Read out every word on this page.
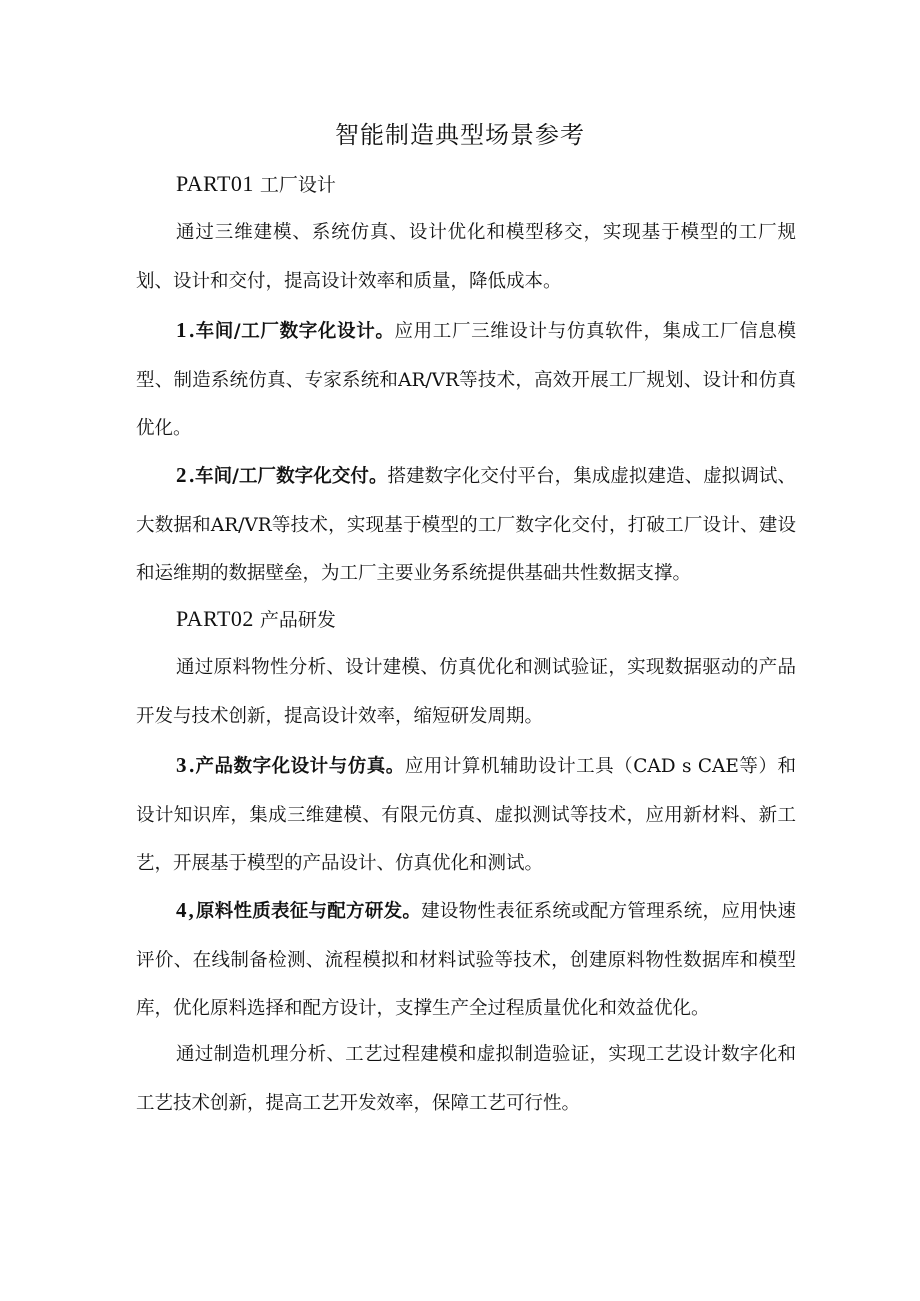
智能制造典型场景参考
PART01 工厂设计

通过三维建模、系统仿真、设计优化和模型移交，实现基于模型的工厂规划、设计和交付，提高设计效率和质量，降低成本。

1.车间/工厂数字化设计。应用工厂三维设计与仿真软件，集成工厂信息模型、制造系统仿真、专家系统和AR/VR等技术，高效开展工厂规划、设计和仿真优化。

2.车间/工厂数字化交付。搭建数字化交付平台，集成虚拟建造、虚拟调试、大数据和AR/VR等技术，实现基于模型的工厂数字化交付，打破工厂设计、建设和运维期的数据壁垒，为工厂主要业务系统提供基础共性数据支撑。

PART02 产品研发

通过原料物性分析、设计建模、仿真优化和测试验证，实现数据驱动的产品开发与技术创新，提高设计效率，缩短研发周期。

3.产品数字化设计与仿真。应用计算机辅助设计工具（CAD s CAE等）和设计知识库，集成三维建模、有限元仿真、虚拟测试等技术，应用新材料、新工艺，开展基于模型的产品设计、仿真优化和测试。

4,原料性质表征与配方研发。建设物性表征系统或配方管理系统，应用快速评价、在线制备检测、流程模拟和材料试验等技术，创建原料物性数据库和模型库，优化原料选择和配方设计，支撑生产全过程质量优化和效益优化。

通过制造机理分析、工艺过程建模和虚拟制造验证，实现工艺设计数字化和工艺技术创新，提高工艺开发效率，保障工艺可行性。
